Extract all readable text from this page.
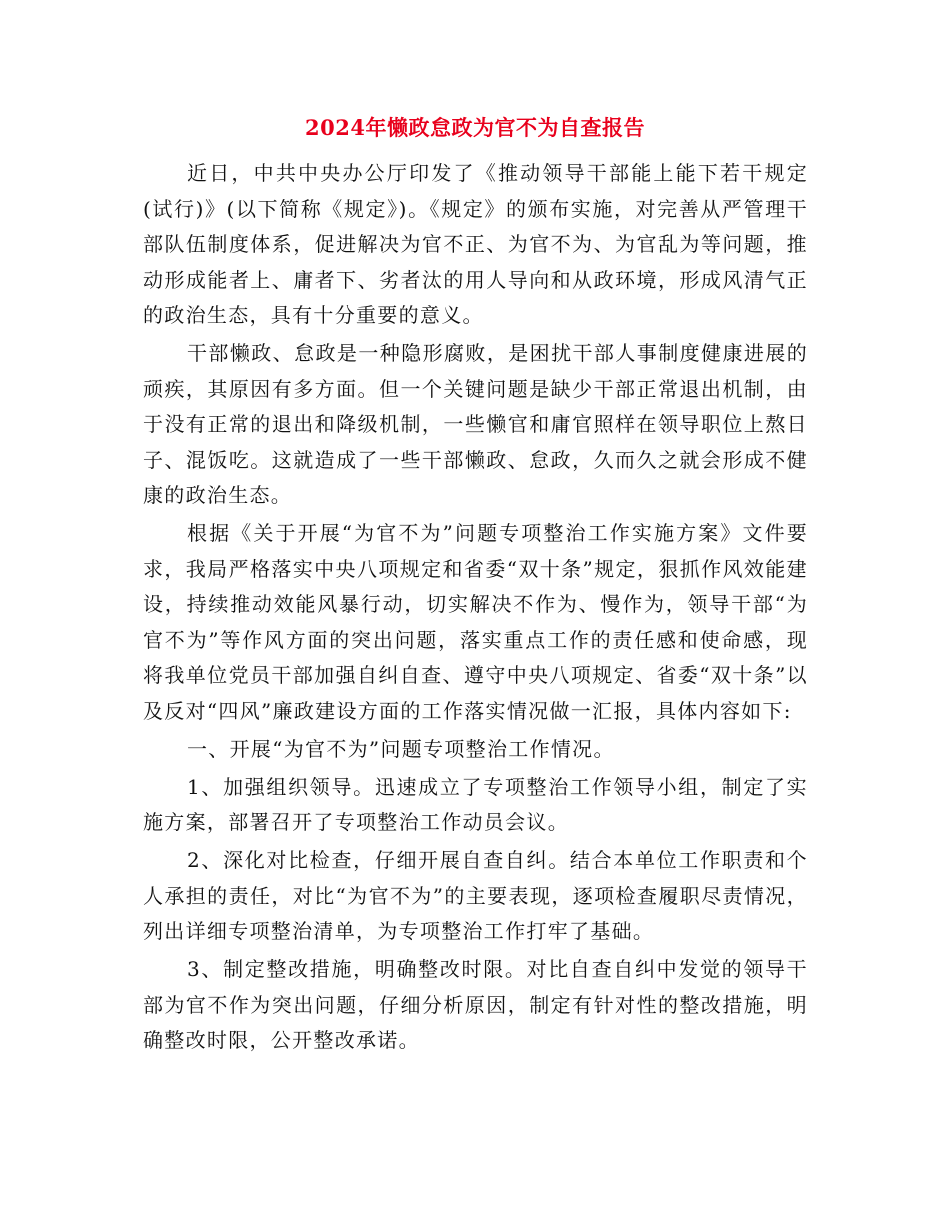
2024年懒政怠政为官不为自查报告

近日，中共中央办公厅印发了《推动领导干部能上能下若干规定(试行)》(以下简称《规定》)。《规定》的颁布实施，对完善从严管理干部队伍制度体系，促进解决为官不正、为官不为、为官乱为等问题，推动形成能者上、庸者下、劣者汰的用人导向和从政环境，形成风清气正的政治生态，具有十分重要的意义。

干部懒政、怠政是一种隐形腐败，是困扰干部人事制度健康进展的顽疾，其原因有多方面。但一个关键问题是缺少干部正常退出机制，由于没有正常的退出和降级机制，一些懒官和庸官照样在领导职位上熬日子、混饭吃。这就造成了一些干部懒政、怠政，久而久之就会形成不健康的政治生态。

根据《关于开展“为官不为”问题专项整治工作实施方案》文件要求，我局严格落实中央八项规定和省委“双十条”规定，狠抓作风效能建设，持续推动效能风暴行动，切实解决不作为、慢作为，领导干部“为官不为”等作风方面的突出问题，落实重点工作的责任感和使命感，现将我单位党员干部加强自纠自查、遵守中央八项规定、省委“双十条”以及反对“四风”廉政建设方面的工作落实情况做一汇报，具体内容如下:

一、开展“为官不为”问题专项整治工作情况。

1、加强组织领导。迅速成立了专项整治工作领导小组，制定了实施方案，部署召开了专项整治工作动员会议。

2、深化对比检查，仔细开展自查自纠。结合本单位工作职责和个人承担的责任，对比“为官不为”的主要表现，逐项检查履职尽责情况，列出详细专项整治清单，为专项整治工作打牢了基础。

3、制定整改措施，明确整改时限。对比自查自纠中发觉的领导干部为官不作为突出问题，仔细分析原因，制定有针对性的整改措施，明确整改时限，公开整改承诺。
